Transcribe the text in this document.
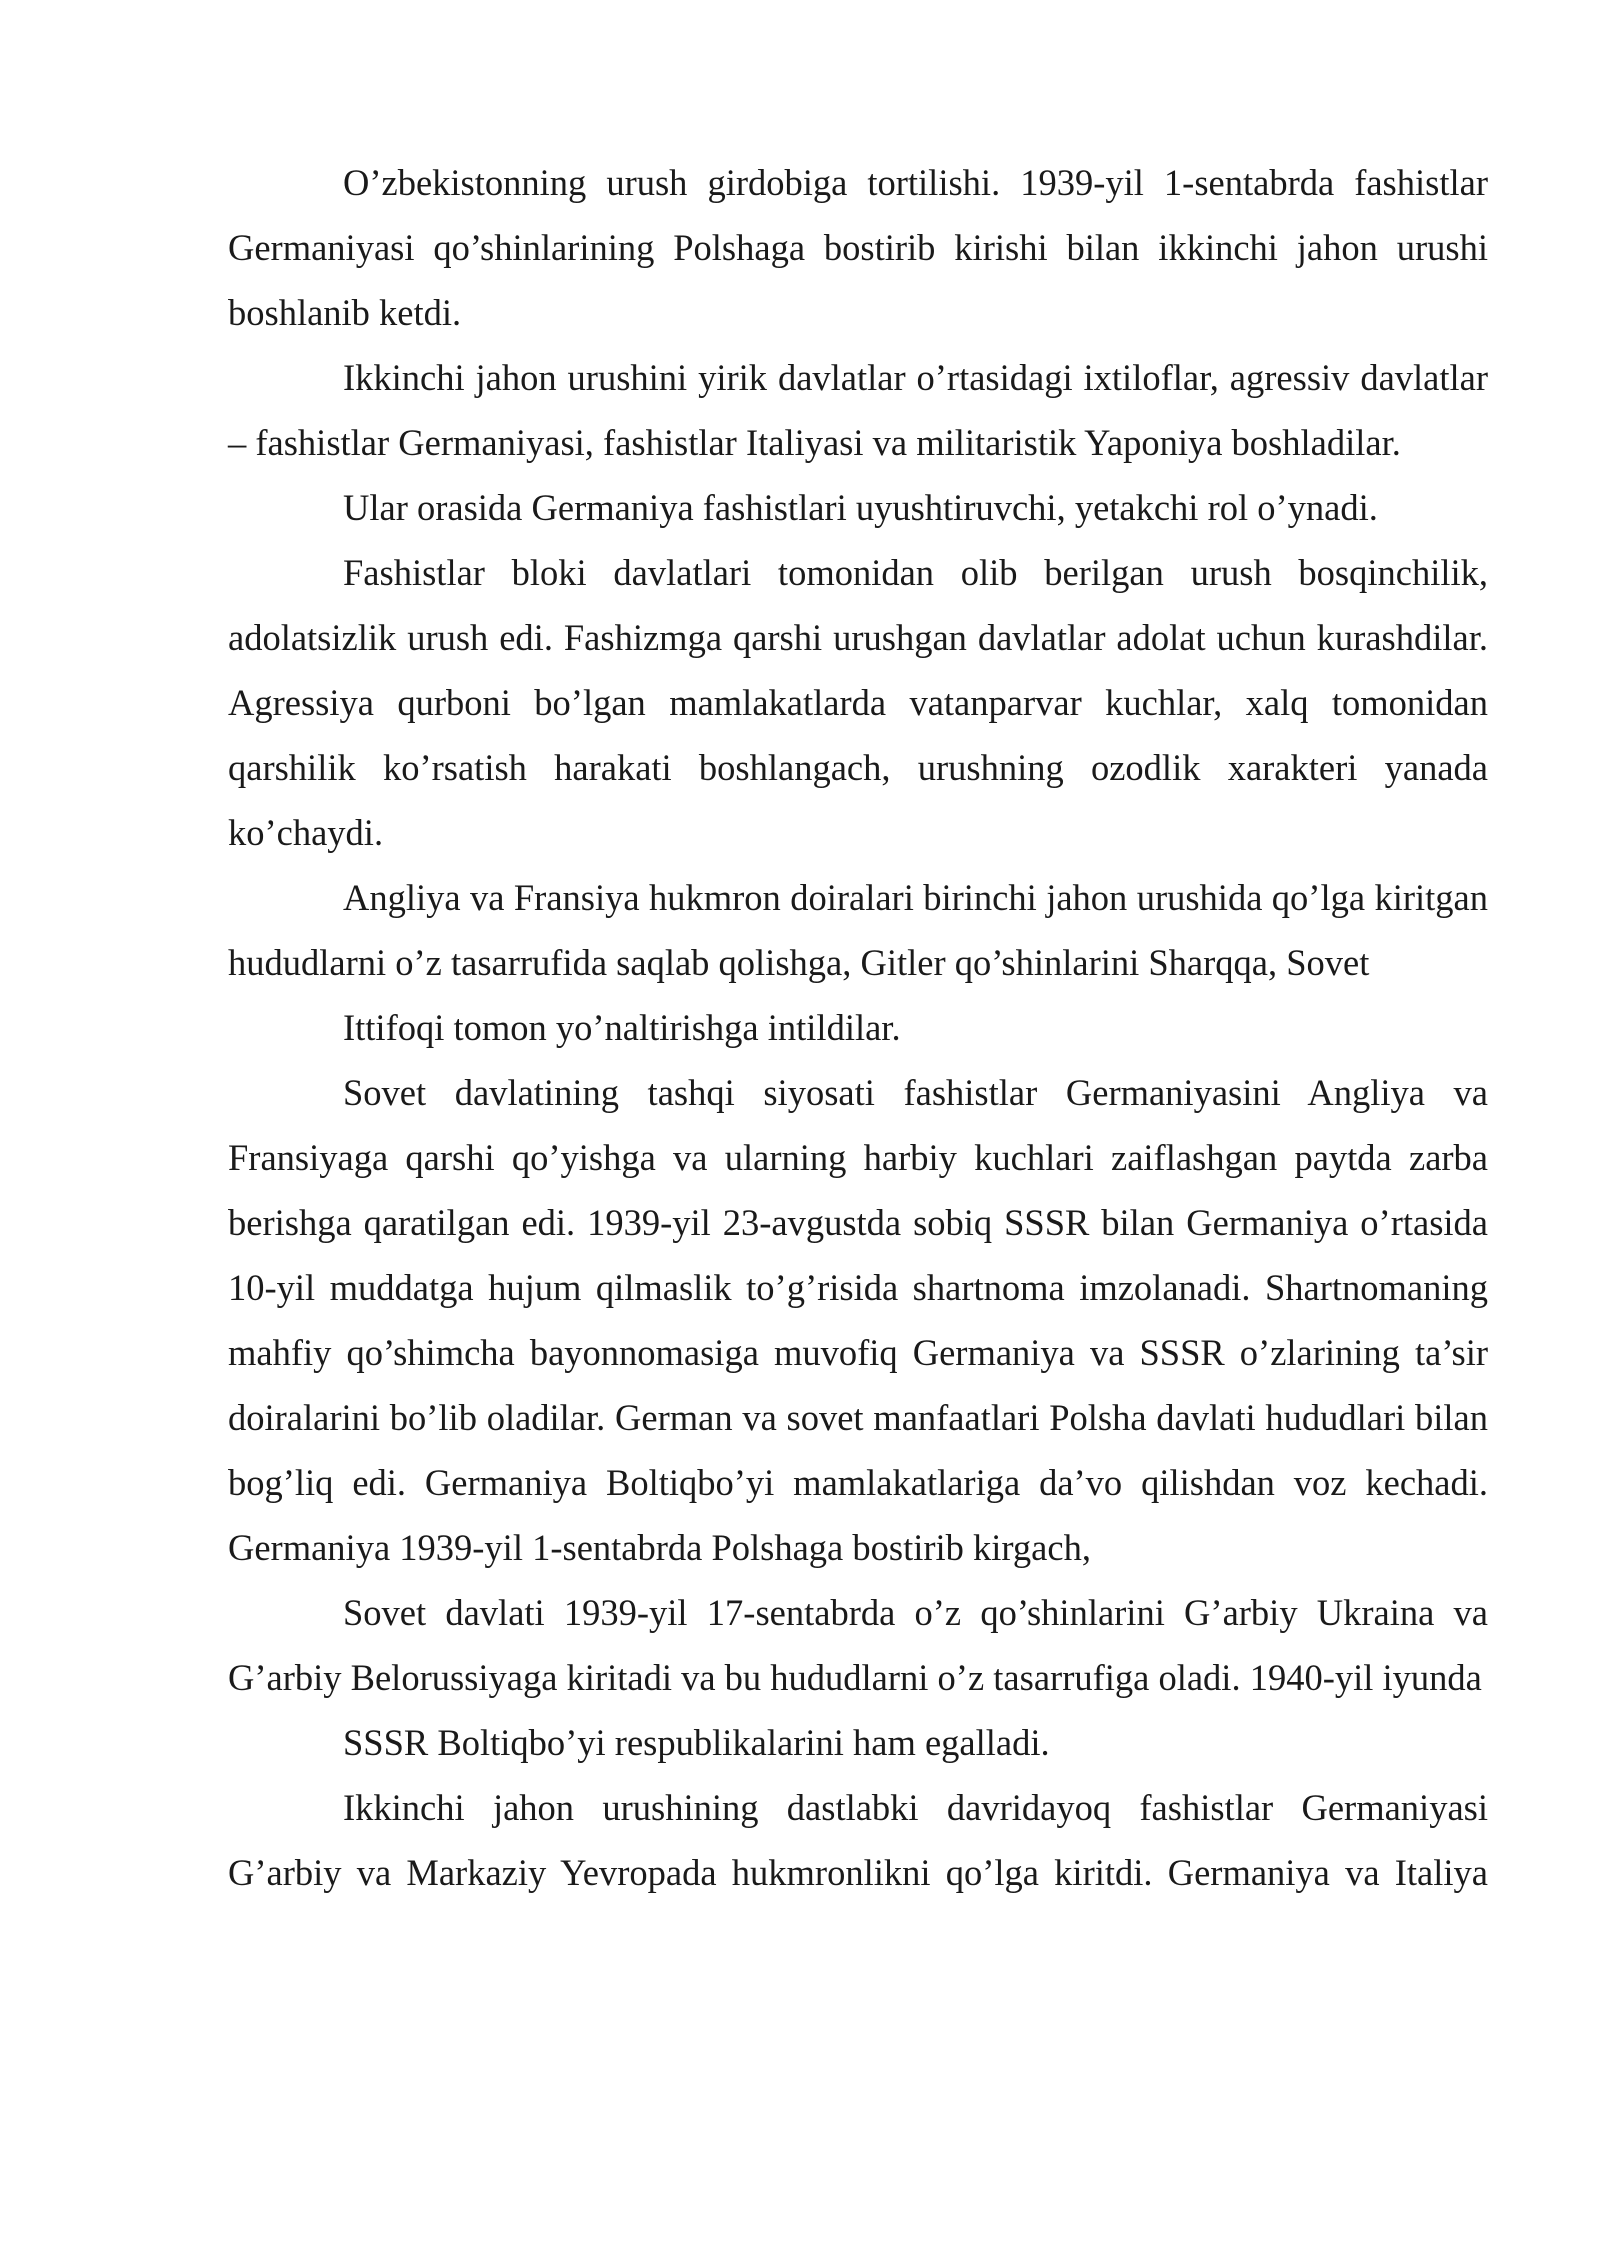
O’zbekistonning urush girdobiga tortilishi. 1939-yil 1-sentabrda fashistlar Germaniyasi qo’shinlarining Polshaga bostirib kirishi bilan ikkinchi jahon urushi boshlanib ketdi.

Ikkinchi jahon urushini yirik davlatlar o’rtasidagi ixtiloflar, agressiv davlatlar – fashistlar Germaniyasi, fashistlar Italiyasi va militaristik Yaponiya boshladilar.

Ular orasida Germaniya fashistlari uyushtiruvchi, yetakchi rol o’ynadi.

Fashistlar bloki davlatlari tomonidan olib berilgan urush bosqinchilik, adolatsizlik urush edi. Fashizmga qarshi urushgan davlatlar adolat uchun kurashdilar. Agressiya qurboni bo’lgan mamlakatlarda vatanparvar kuchlar, xalq tomonidan qarshilik ko’rsatish harakati boshlangach, urushning ozodlik xarakteri yanada ko’chaydi.

Angliya va Fransiya hukmron doiralari birinchi jahon urushida qo’lga kiritgan hududlarni o’z tasarrufida saqlab qolishga, Gitler qo’shinlarini Sharqqa, Sovet

Ittifoqi tomon yo’naltirishga intildilar.

Sovet davlatining tashqi siyosati fashistlar Germaniyasini Angliya va Fransiyaga qarshi qo’yishga va ularning harbiy kuchlari zaiflashgan paytda zarba berishga qaratilgan edi. 1939-yil 23-avgustda sobiq SSSR bilan Germaniya o’rtasida 10-yil muddatga hujum qilmaslik to’g’risida shartnoma imzolanadi. Shartnomaning mahfiy qo’shimcha bayonnomasiga muvofiq Germaniya va SSSR o’zlarining ta’sir doiralarini bo’lib oladilar. German va sovet manfaatlari Polsha davlati hududlari bilan bog’liq edi. Germaniya Boltiqbo’yi mamlakatlariga da’vo qilishdan voz kechadi. Germaniya 1939-yil 1-sentabrda Polshaga bostirib kirgach,

Sovet davlati 1939-yil 17-sentabrda o’z qo’shinlarini G’arbiy Ukraina va G’arbiy Belorussiyaga kiritadi va bu hududlarni o’z tasarrufiga oladi. 1940-yil iyunda

SSSR Boltiqbo’yi respublikalarini ham egalladi.

Ikkinchi jahon urushining dastlabki davridayoq fashistlar Germaniyasi G’arbiy va Markaziy Yevropada hukmronlikni qo’lga kiritdi. Germaniya va Italiya
